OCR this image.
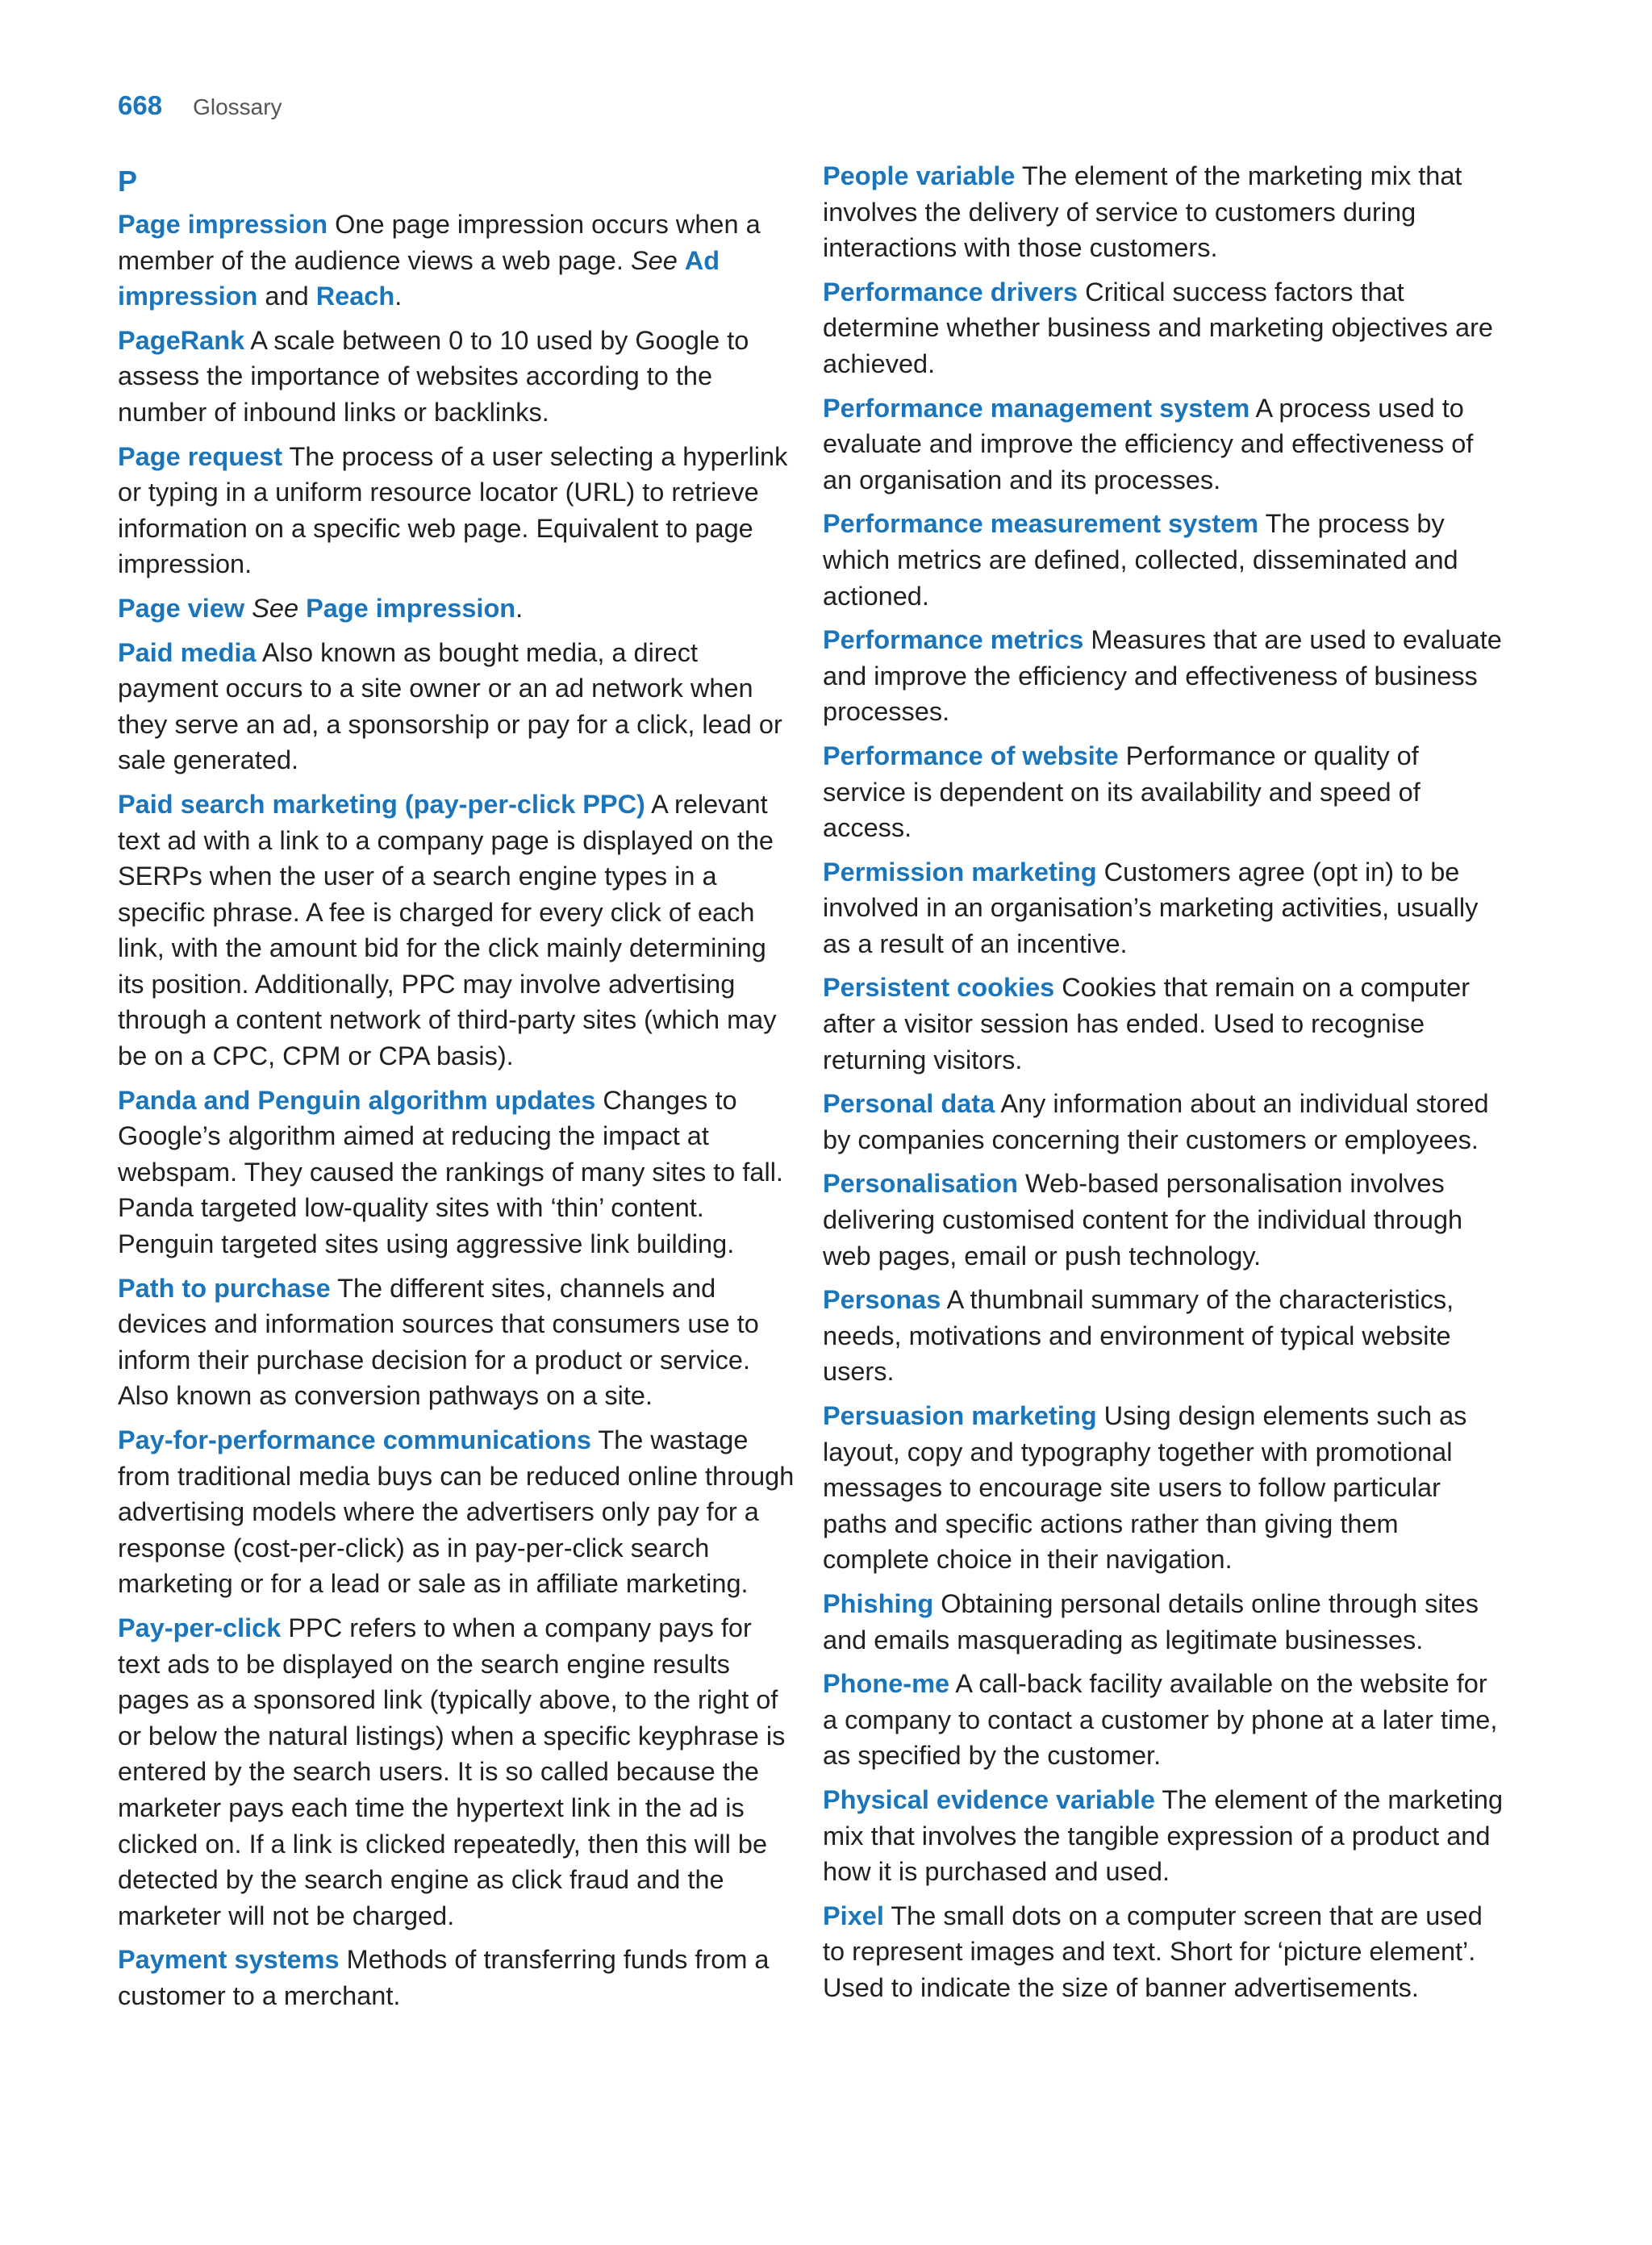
668 Glossary
P

Page impression One page impression occurs when a member of the audience views a web page. See Ad impression and Reach.

PageRank A scale between 0 to 10 used by Google to assess the importance of websites according to the number of inbound links or backlinks.

Page request The process of a user selecting a hyperlink or typing in a uniform resource locator (URL) to retrieve information on a specific web page. Equivalent to page impression.

Page view See Page impression.

Paid media Also known as bought media, a direct payment occurs to a site owner or an ad network when they serve an ad, a sponsorship or pay for a click, lead or sale generated.

Paid search marketing (pay-per-click PPC) A relevant text ad with a link to a company page is displayed on the SERPs when the user of a search engine types in a specific phrase. A fee is charged for every click of each link, with the amount bid for the click mainly determining its position. Additionally, PPC may involve advertising through a content network of third-party sites (which may be on a CPC, CPM or CPA basis).

Panda and Penguin algorithm updates Changes to Google’s algorithm aimed at reducing the impact at webspam. They caused the rankings of many sites to fall. Panda targeted low-quality sites with ‘thin’ content. Penguin targeted sites using aggressive link building.

Path to purchase The different sites, channels and devices and information sources that consumers use to inform their purchase decision for a product or service. Also known as conversion pathways on a site.

Pay-for-performance communications The wastage from traditional media buys can be reduced online through advertising models where the advertisers only pay for a response (cost-per-click) as in pay-per-click search marketing or for a lead or sale as in affiliate marketing.

Pay-per-click PPC refers to when a company pays for text ads to be displayed on the search engine results pages as a sponsored link (typically above, to the right of or below the natural listings) when a specific keyphrase is entered by the search users. It is so called because the marketer pays each time the hypertext link in the ad is clicked on. If a link is clicked repeatedly, then this will be detected by the search engine as click fraud and the marketer will not be charged.

Payment systems Methods of transferring funds from a customer to a merchant.

People variable The element of the marketing mix that involves the delivery of service to customers during interactions with those customers.

Performance drivers Critical success factors that determine whether business and marketing objectives are achieved.

Performance management system A process used to evaluate and improve the efficiency and effectiveness of an organisation and its processes.

Performance measurement system The process by which metrics are defined, collected, disseminated and actioned.

Performance metrics Measures that are used to evaluate and improve the efficiency and effectiveness of business processes.

Performance of website Performance or quality of service is dependent on its availability and speed of access.

Permission marketing Customers agree (opt in) to be involved in an organisation’s marketing activities, usually as a result of an incentive.

Persistent cookies Cookies that remain on a computer after a visitor session has ended. Used to recognise returning visitors.

Personal data Any information about an individual stored by companies concerning their customers or employees.

Personalisation Web-based personalisation involves delivering customised content for the individual through web pages, email or push technology.

Personas A thumbnail summary of the characteristics, needs, motivations and environment of typical website users.

Persuasion marketing Using design elements such as layout, copy and typography together with promotional messages to encourage site users to follow particular paths and specific actions rather than giving them complete choice in their navigation.

Phishing Obtaining personal details online through sites and emails masquerading as legitimate businesses.

Phone-me A call-back facility available on the website for a company to contact a customer by phone at a later time, as specified by the customer.

Physical evidence variable The element of the marketing mix that involves the tangible expression of a product and how it is purchased and used.

Pixel The small dots on a computer screen that are used to represent images and text. Short for ‘picture element’. Used to indicate the size of banner advertisements.
